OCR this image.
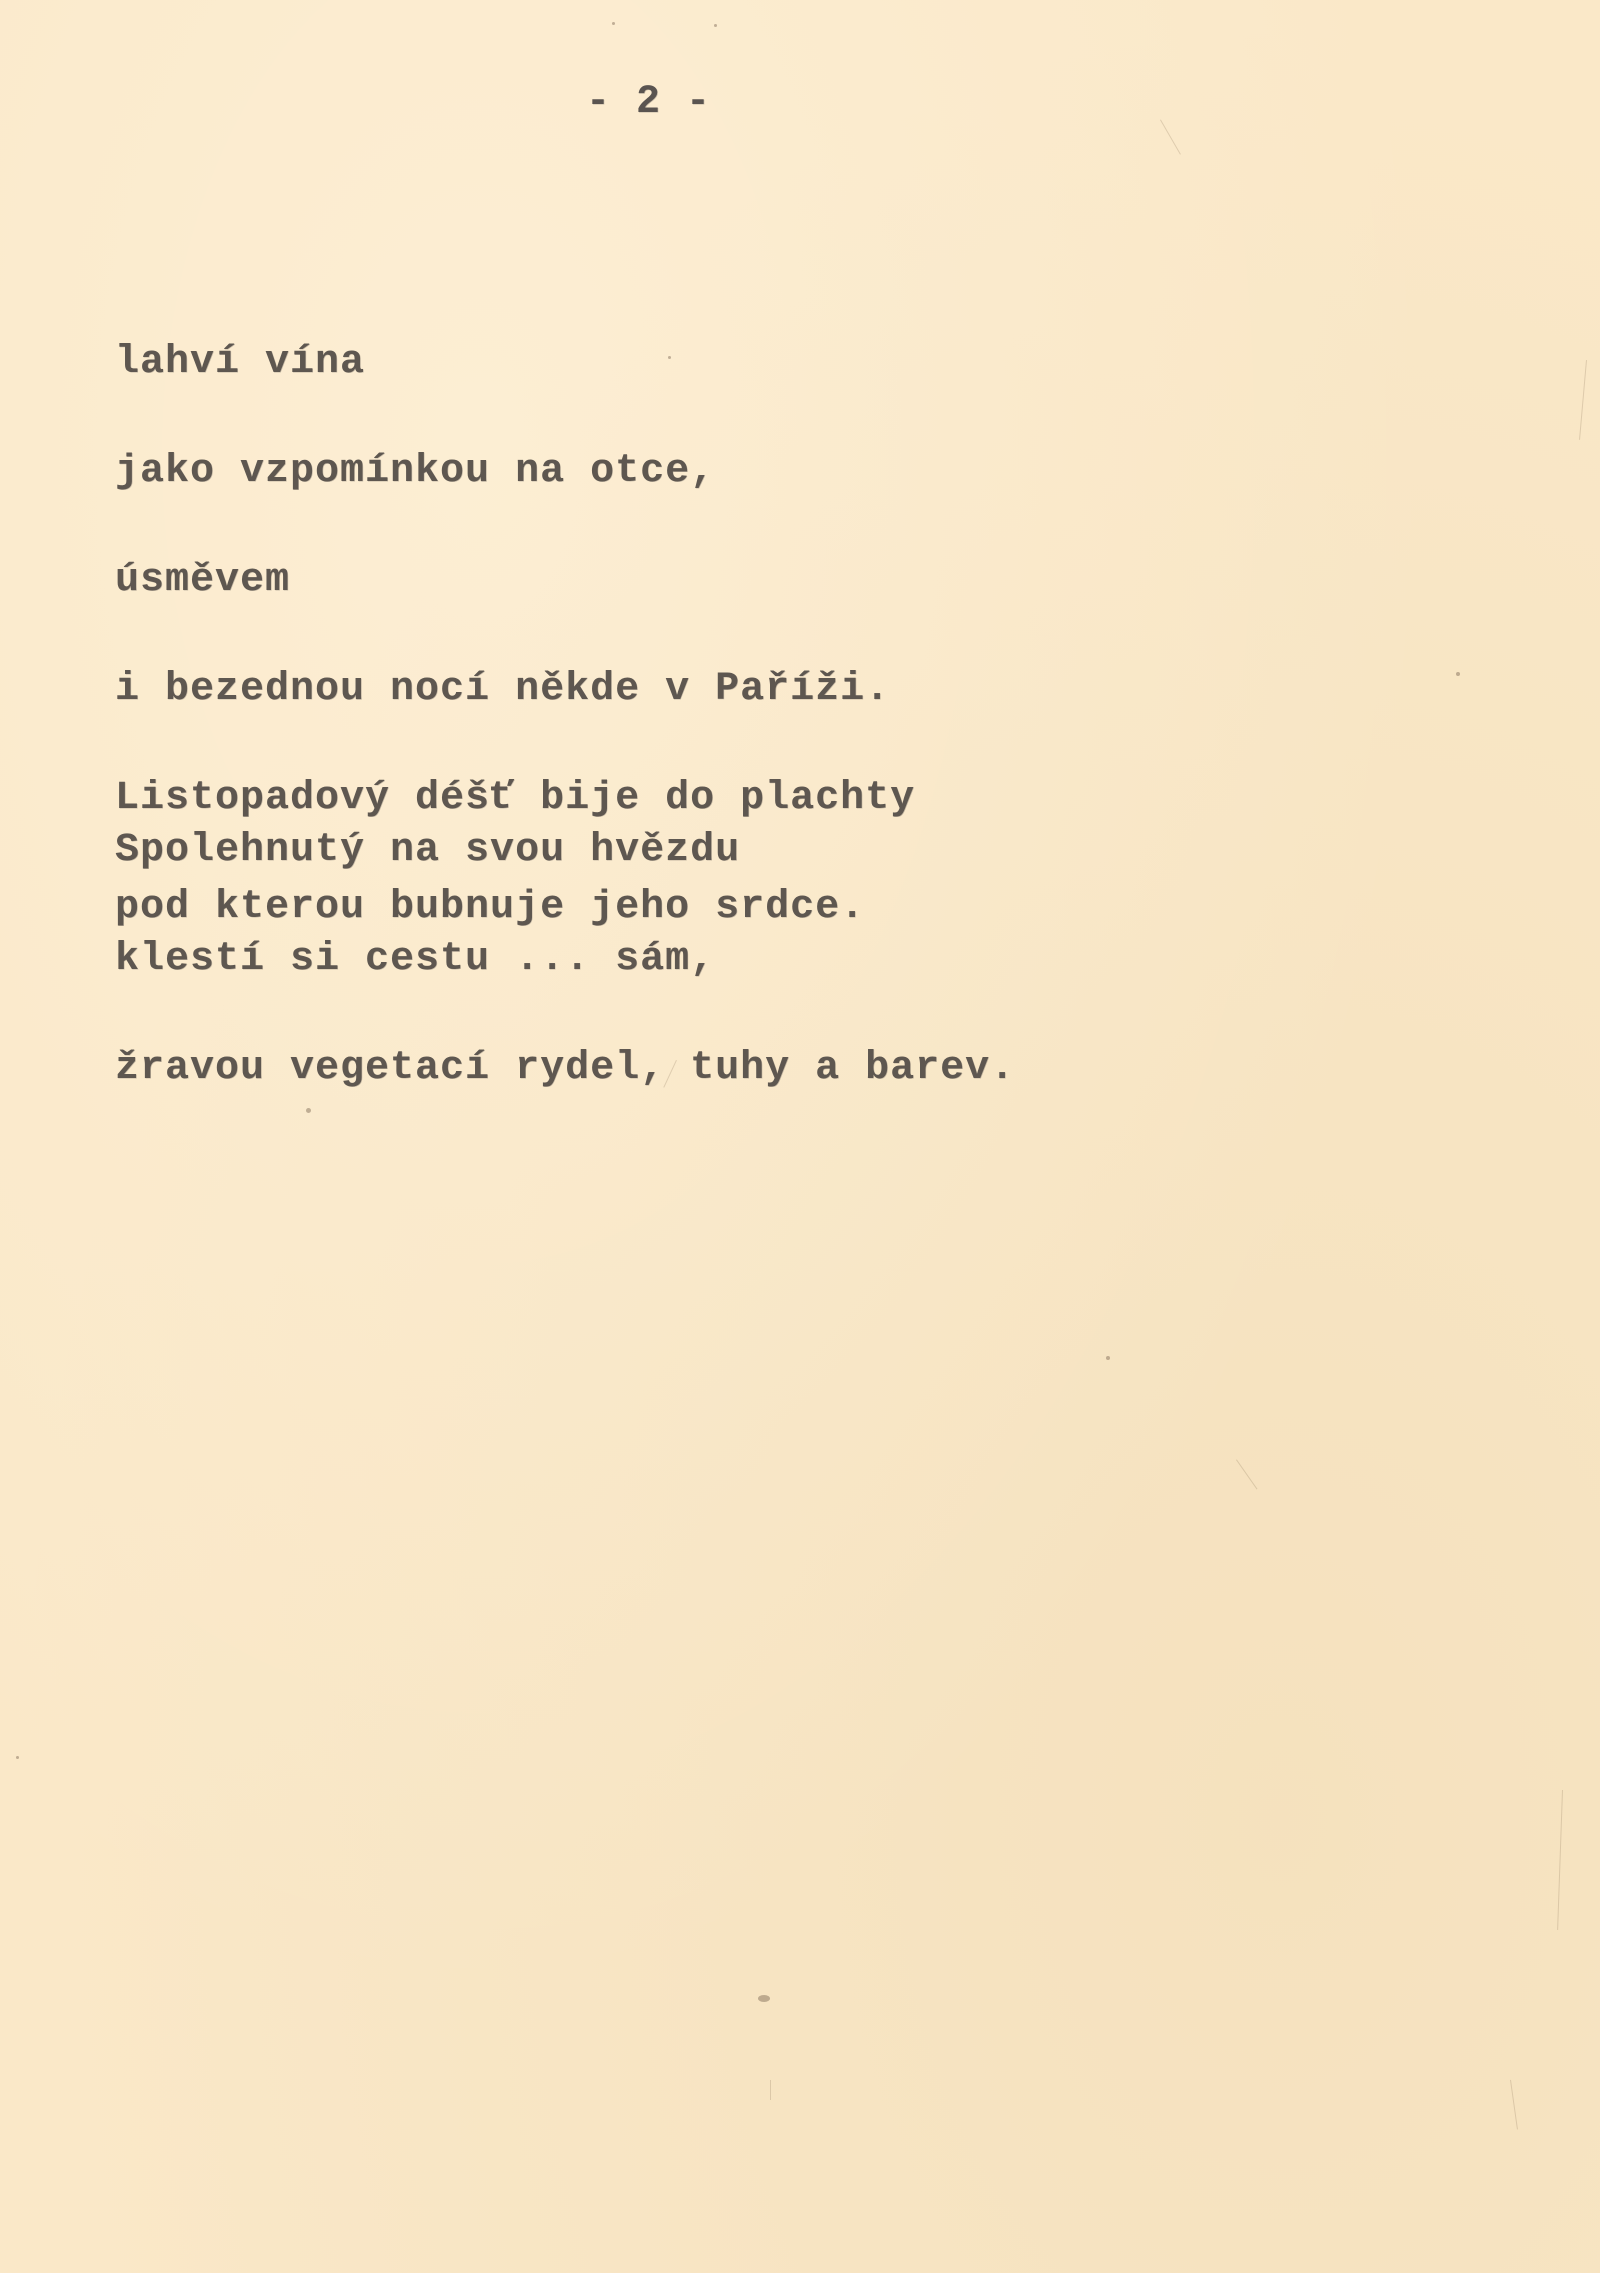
- 2 -

lahví vína

jako vzpomínkou na otce,

úsměvem

i bezednou nocí někde v Paříži.

Listopadový déšť bije do plachty

pod kterou bubnuje jeho srdce.

Spolehnutý na svou hvězdu

klestí si cestu ... sám,

žravou vegetací rydel, tuhy a barev.
